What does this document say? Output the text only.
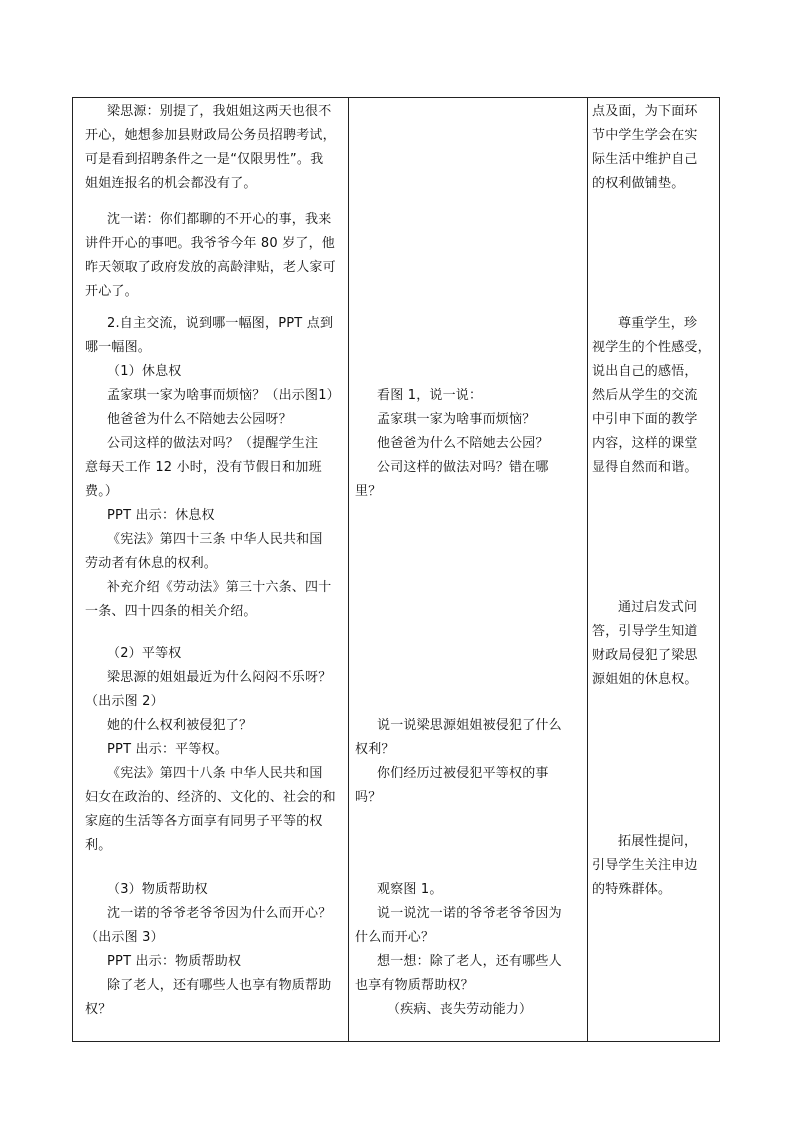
梁思源：别提了，我姐姐这两天也很不
开心，她想参加县财政局公务员招聘考试，
可是看到招聘条件之一是“仅限男性”。我
姐姐连报名的机会都没有了。
沈一诺：你们都聊的不开心的事，我来
讲件开心的事吧。我爷爷今年 80 岁了，他
昨天领取了政府发放的高龄津贴，老人家可
开心了。
2.自主交流，说到哪一幅图，PPT 点到
哪一幅图。
（1）休息权
孟家琪一家为啥事而烦恼？（出示图1）
他爸爸为什么不陪她去公园呀？
公司这样的做法对吗？（提醒学生注
意每天工作 12 小时，没有节假日和加班
费。）
PPT 出示：休息权
《宪法》第四十三条 中华人民共和国
劳动者有休息的权利。
补充介绍《劳动法》第三十六条、四十
一条、四十四条的相关介绍。
（2）平等权
梁思源的姐姐最近为什么闷闷不乐呀？
（出示图 2）
她的什么权利被侵犯了？
PPT 出示：平等权。
《宪法》第四十八条 中华人民共和国
妇女在政治的、经济的、文化的、社会的和
家庭的生活等各方面享有同男子平等的权
利。
（3）物质帮助权
沈一诺的爷爷老爷爷因为什么而开心？
（出示图 3）
PPT 出示：物质帮助权
除了老人，还有哪些人也享有物质帮助
权？
看图 1，说一说：
孟家琪一家为啥事而烦恼？
他爸爸为什么不陪她去公园？
公司这样的做法对吗？错在哪
里？
说一说梁思源姐姐被侵犯了什么
权利？
你们经历过被侵犯平等权的事
吗？
观察图 1。
说一说沈一诺的爷爷老爷爷因为
什么而开心？
想一想：除了老人，还有哪些人
也享有物质帮助权？
（疾病、丧失劳动能力）
点及面，为下面环
节中学生学会在实
际生活中维护自己
的权利做铺垫。
尊重学生，珍
视学生的个性感受，
说出自己的感悟，
然后从学生的交流
中引申下面的教学
内容，这样的课堂
显得自然而和谐。
通过启发式问
答，引导学生知道
财政局侵犯了梁思
源姐姐的休息权。
拓展性提问，
引导学生关注申边
的特殊群体。
